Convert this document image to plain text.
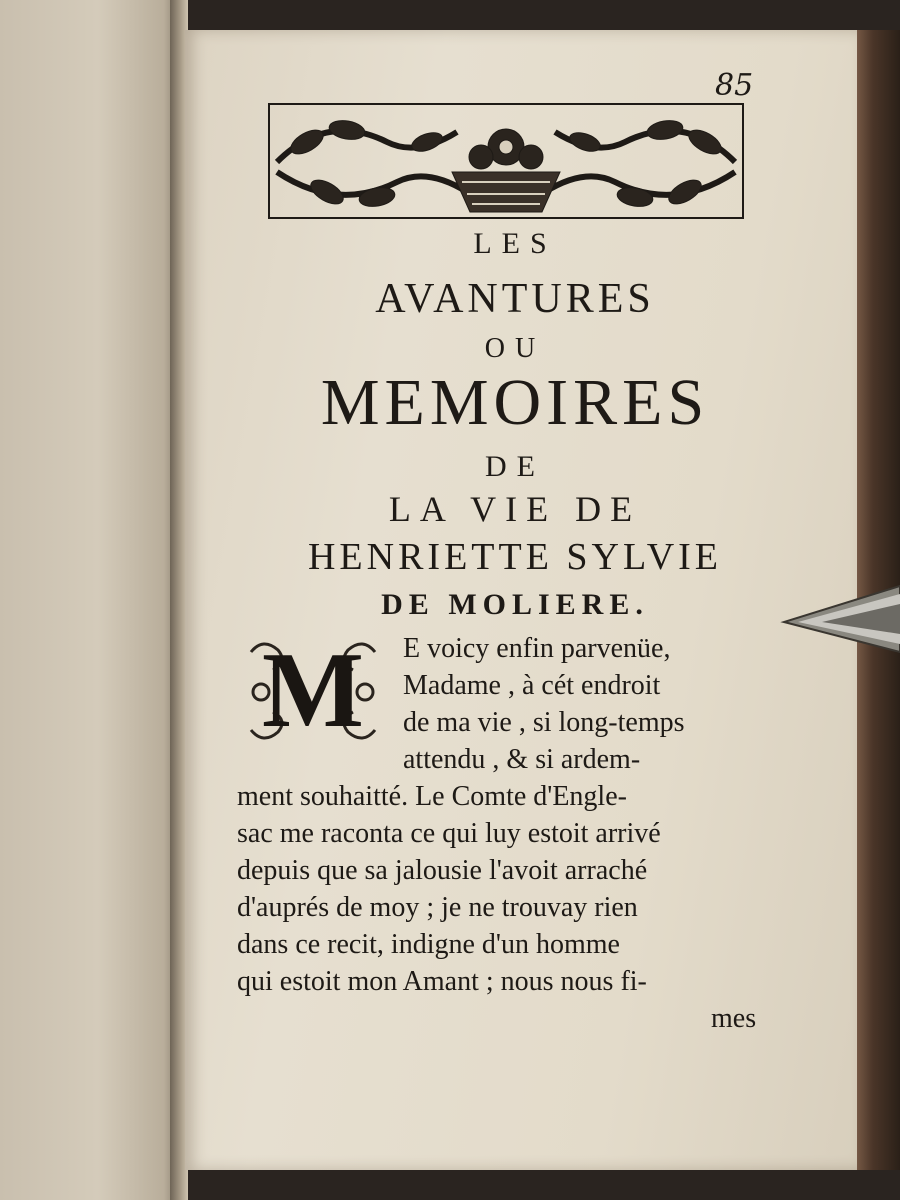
85
LES
AVANTURES
OU
MEMOIRES
DE
LA VIE DE
HENRIETTE SYLVIE
DE MOLIERE.
M	E voicy enfin parvenüe,
Madame , à cét endroit
de ma vie , si long-temps
attendu , & si ardem-
ment souhaitté. Le Comte d'Engle-
sac me raconta ce qui luy estoit arrivé
depuis que sa jalousie l'avoit arraché
d'auprés de moy ; je ne trouvay rien
dans ce recit, indigne d'un homme
qui estoit mon Amant ; nous nous fi-
mes
